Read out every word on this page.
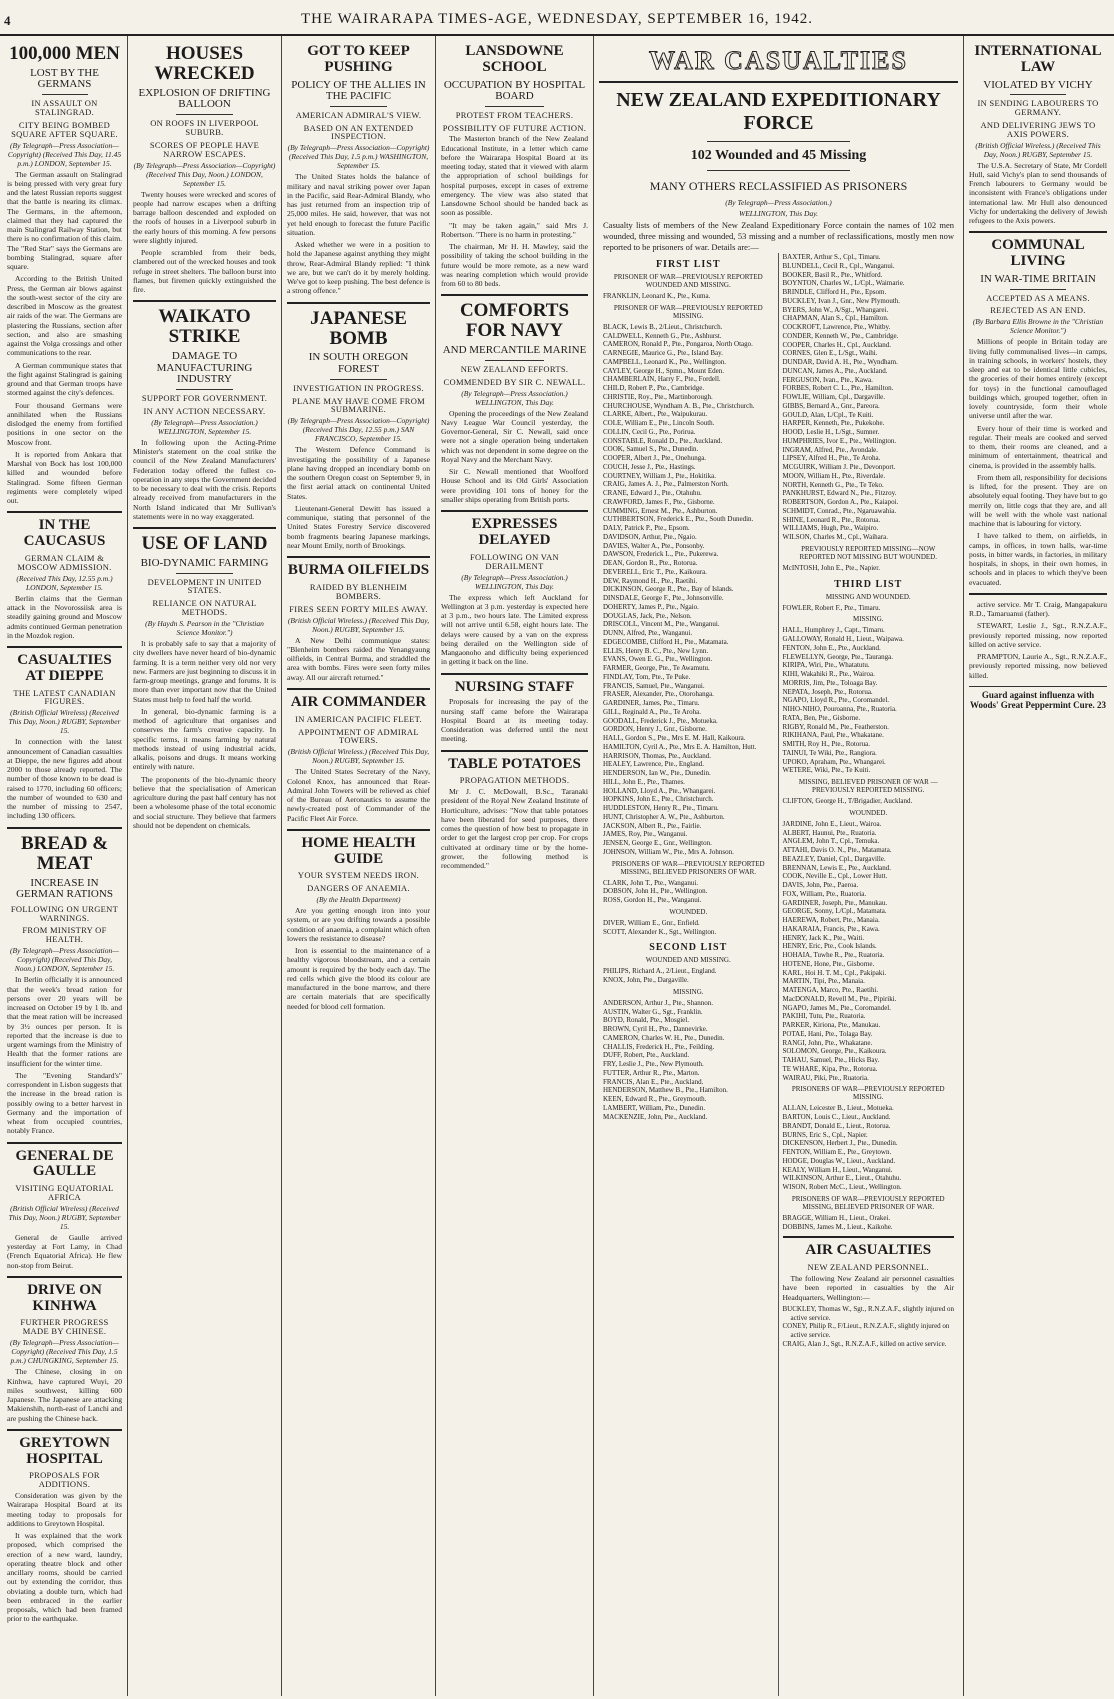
4	THE WAIRARAPA TIMES-AGE, WEDNESDAY, SEPTEMBER 16, 1942.
100,000 MEN
LOST BY THE GERMANS
IN ASSAULT ON STALINGRAD.
CITY BEING BOMBED SQUARE AFTER SQUARE.
(By Telegraph—Press Association—Copyright) (Received This Day, 11.45 p.m.) LONDON, September 15.

The German assault on Stalingrad is being pressed with very great fury and the latest Russian reports suggest that the battle is nearing its climax. The Germans, in the afternoon, claimed that they had captured the main Stalingrad Railway Station, but there is no confirmation of this claim. The "Red Star" says the Germans are bombing Stalingrad, square after square.

According to the British United Press, the German air blows against the south-west sector of the city are described in Moscow as the greatest air raids of the war. The Germans are plastering the Russians, section after section, and also are smashing against the Volga crossings and other communications to the rear.

A German communique states that the fight against Stalingrad is gaining ground and that German troops have stormed against the city's defences.

Four thousand Germans were annihilated when the Russians dislodged the enemy from fortified positions in one sector on the Moscow front.

It is reported from Ankara that Marshal von Bock has lost 100,000 killed and wounded before Stalingrad. Some fifteen German regiments were completely wiped out.

IN THE CAUCASUS
GERMAN CLAIM & MOSCOW ADMISSION.
(Received This Day, 12.55 p.m.) LONDON, September 15.

Berlin claims that the German attack in the Novorossiisk area is steadily gaining ground and Moscow admits continued German penetration in the Mozdok region.

CASUALTIES AT DIEPPE
THE LATEST CANADIAN FIGURES.
(British Official Wireless) (Received This Day, Noon.) RUGBY, September 15.

In connection with the latest announcement of Canadian casualties at Dieppe, the new figures add about 2000 to those already reported. The number of those known to be dead is raised to 1770, including 60 officers; the number of wounded to 630 and the number of missing to 2547, including 130 officers.

BREAD & MEAT
INCREASE IN GERMAN RATIONS
FOLLOWING ON URGENT WARNINGS.
FROM MINISTRY OF HEALTH.
(By Telegraph—Press Association—Copyright) (Received This Day, Noon.) LONDON, September 15.

In Berlin officially it is announced that the week's bread ration for persons over 20 years will be increased on October 19 by 1 lb. and that the meat ration will be increased by 3½ ounces per person. It is reported that the increase is due to urgent warnings from the Ministry of Health that the former rations are insufficient for the winter time.

The "Evening Standard's" correspondent in Lisbon suggests that the increase in the bread ration is possibly owing to a better harvest in Germany and the importation of wheat from occupied countries, notably France.

GENERAL DE GAULLE
VISITING EQUATORIAL AFRICA
(British Official Wireless) (Received This Day, Noon.) RUGBY, September 15.

General de Gaulle arrived yesterday at Fort Lamy, in Chad (French Equatorial Africa). He flew non-stop from Beirut.

DRIVE ON KINHWA
FURTHER PROGRESS MADE BY CHINESE.
(By Telegraph—Press Association—Copyright) (Received This Day, 1.5 p.m.) CHUNGKING, September 15.

The Chinese, closing in on Kinhwa, have captured Wuyi, 20 miles southwest, killing 600 Japanese. The Japanese are attacking Makienshih, north-east of Lanchi and are pushing the Chinese back.

GREYTOWN HOSPITAL
PROPOSALS FOR ADDITIONS.

Consideration was given by the Wairarapa Hospital Board at its meeting today to proposals for additions to Greytown Hospital.

It was explained that the work proposed, which comprised the erection of a new ward, laundry, operating theatre block and other ancillary rooms, should be carried out by extending the corridor, thus obviating a double turn, which had been embraced in the earlier proposals, which had been framed prior to the earthquake.

HOUSES WRECKED
EXPLOSION OF DRIFTING BALLOON
ON ROOFS IN LIVERPOOL SUBURB.
SCORES OF PEOPLE HAVE NARROW ESCAPES.
(By Telegraph—Press Association—Copyright) (Received This Day, Noon.) LONDON, September 15.

Twenty houses were wrecked and scores of people had narrow escapes when a drifting barrage balloon descended and exploded on the roofs of houses in a Liverpool suburb in the early hours of this morning. A few persons were slightly injured.

People scrambled from their beds, clambered out of the wrecked houses and took refuge in street shelters. The balloon burst into flames, but firemen quickly extinguished the fire.

WAIKATO STRIKE
DAMAGE TO MANUFACTURING INDUSTRY
SUPPORT FOR GOVERNMENT.
IN ANY ACTION NECESSARY.
(By Telegraph—Press Association.) WELLINGTON, September 15.

In following upon the Acting-Prime Minister's statement on the coal strike the council of the New Zealand Manufacturers' Federation today offered the fullest co-operation in any steps the Government decided to be necessary to deal with the crisis. Reports already received from manufacturers in the North Island indicated that Mr Sullivan's statements were in no way exaggerated.

USE OF LAND
BIO-DYNAMIC FARMING
DEVELOPMENT IN UNITED STATES.
RELIANCE ON NATURAL METHODS.
(By Haydn S. Pearson in the "Christian Science Monitor.")

It is probably safe to say that a majority of city dwellers have never heard of bio-dynamic farming. It is a term neither very old nor very new. Farmers are just beginning to discuss it in farm-group meetings, grange and forums. It is more than ever important now that the United States must help to feed half the world.

In general, bio-dynamic farming is a method of agriculture that organises and conserves the farm's creative capacity. In specific terms, it means farming by natural methods instead of using industrial acids, alkalis, poisons and drugs. It means working entirely with nature.

The proponents of the bio-dynamic theory believe that the specialisation of American agriculture during the past half century has not been a wholesome phase of the total economic and social structure. They believe that farmers should not be dependent on chemicals.

GOT TO KEEP PUSHING
POLICY OF THE ALLIES IN THE PACIFIC
AMERICAN ADMIRAL'S VIEW.
BASED ON AN EXTENDED INSPECTION.
(By Telegraph—Press Association—Copyright) (Received This Day, 1.5 p.m.) WASHINGTON, September 15.

The United States holds the balance of military and naval striking power over Japan in the Pacific, said Rear-Admiral Blandy, who has just returned from an inspection trip of 25,000 miles. He said, however, that was not yet held enough to forecast the future Pacific situation.

Asked whether we were in a position to hold the Japanese against anything they might throw, Rear-Admiral Blandy replied: "I think we are, but we can't do it by merely holding. We've got to keep pushing. The best defence is a strong offence."

JAPANESE BOMB
IN SOUTH OREGON FOREST
INVESTIGATION IN PROGRESS.
PLANE MAY HAVE COME FROM SUBMARINE.
(By Telegraph—Press Association—Copyright) (Received This Day, 12.55 p.m.) SAN FRANCISCO, September 15.

The Western Defence Command is investigating the possibility of a Japanese plane having dropped an incendiary bomb on the southern Oregon coast on September 9, in the first aerial attack on continental United States.

Lieutenant-General Dewitt has issued a communique, stating that personnel of the United States Forestry Service discovered bomb fragments bearing Japanese markings, near Mount Emily, north of Brookings.

BURMA OILFIELDS
RAIDED BY BLENHEIM BOMBERS.
FIRES SEEN FORTY MILES AWAY.
(British Official Wireless.) (Received This Day, Noon.) RUGBY, September 15.

A New Delhi communique states: "Blenheim bombers raided the Yenangyaung oilfields, in Central Burma, and straddled the area with bombs. Fires were seen forty miles away. All our aircraft returned."

AIR COMMANDER
IN AMERICAN PACIFIC FLEET.
APPOINTMENT OF ADMIRAL TOWERS.
(British Official Wireless.) (Received This Day, Noon.) RUGBY, September 15.

The United States Secretary of the Navy, Colonel Knox, has announced that Rear-Admiral John Towers will be relieved as chief of the Bureau of Aeronautics to assume the newly-created post of Commander of the Pacific Fleet Air Force.

HOME HEALTH GUIDE
YOUR SYSTEM NEEDS IRON.
DANGERS OF ANAEMIA.
(By the Health Department)

Are you getting enough iron into your system, or are you drifting towards a possible condition of anaemia, a complaint which often lowers the resistance to disease?

Iron is essential to the maintenance of a healthy vigorous bloodstream, and a certain amount is required by the body each day. The red cells which give the blood its colour are manufactured in the bone marrow, and there are certain materials that are specifically needed for blood cell formation.

LANSDOWNE SCHOOL
OCCUPATION BY HOSPITAL BOARD
PROTEST FROM TEACHERS.
POSSIBILITY OF FUTURE ACTION.

The Masterton branch of the New Zealand Educational Institute, in a letter which came before the Wairarapa Hospital Board at its meeting today, stated that it viewed with alarm the appropriation of school buildings for hospital purposes, except in cases of extreme emergency. The view was also stated that Lansdowne School should be handed back as soon as possible.

"It may be taken again," said Mrs J. Robertson. "There is no harm in protesting."

The chairman, Mr H. H. Mawley, said the possibility of taking the school building in the future would be more remote, as a new ward was nearing completion which would provide from 60 to 80 beds.

COMFORTS FOR NAVY
AND MERCANTILE MARINE
NEW ZEALAND EFFORTS.
COMMENDED BY SIR C. NEWALL.
(By Telegraph—Press Association.) WELLINGTON, This Day.

Opening the proceedings of the New Zealand Navy League War Council yesterday, the Governor-General, Sir C. Newall, said once were not a single operation being undertaken which was not dependent in some degree on the Royal Navy and the Merchant Navy.

Sir C. Newall mentioned that Woolford House School and its Old Girls' Association were providing 101 tons of honey for the smaller ships operating from British ports.

EXPRESSES DELAYED
FOLLOWING ON VAN DERAILMENT
(By Telegraph—Press Association.) WELLINGTON, This Day.

The express which left Auckland for Wellington at 3 p.m. yesterday is expected here at 3 p.m., two hours late. The Limited express will not arrive until 6.58, eight hours late. The delays were caused by a van on the express being derailed on the Wellington side of Mangaonoho and difficulty being experienced in getting it back on the line.

NURSING STAFF

Proposals for increasing the pay of the nursing staff came before the Wairarapa Hospital Board at its meeting today. Consideration was deferred until the next meeting.

TABLE POTATOES
PROPAGATION METHODS.

Mr J. C. McDowall, B.Sc., Taranaki president of the Royal New Zealand Institute of Horticulture, advises: "Now that table potatoes have been liberated for seed purposes, there comes the question of how best to propagate in order to get the largest crop per crop. For crops cultivated at ordinary time or by the home-grower, the following method is recommended."

WAR CASUALTIES
NEW ZEALAND EXPEDITIONARY FORCE
102 Wounded and 45 Missing
MANY OTHERS RECLASSIFIED AS PRISONERS
(By Telegraph—Press Association.)
WELLINGTON, This Day.
Casualty lists of members of the New Zealand Expeditionary Force contain the names of 102 men wounded, three missing and wounded, 53 missing and a number of reclassifications, mostly men now reported to be prisoners of war. Details are:—
FIRST LIST
PRISONER OF WAR—PREVIOUSLY REPORTED WOUNDED AND MISSING.

FRANKLIN, Leonard K., Pte., Kuma.

PRISONER OF WAR—PREVIOUSLY REPORTED MISSING.

BLACK, Lewis B., 2/Lieut., Christchurch.

CALDWELL, Kenneth G., Pte., Ashhurst.

CAMERON, Ronald P., Pte., Pongaroa, North Otago.

CARNEGIE, Maurice G., Pte., Island Bay.

CAMPBELL, Leonard K., Pte., Wellington.

CAYLEY, George H., Spmn., Mount Eden.

CHAMBERLAIN, Harry F., Pte., Fordell.

CHILD, Robert P., Pte., Cambridge.

CHRISTIE, Roy., Pte., Martinborough.

CHURCHOUSE, Wyndham A. B., Pte., Christchurch.

CLARKE, Albert., Pte., Waipukurau.

COLE, William E., Pte., Lincoln South.

COLLIN, Cecil G., Pte., Porirua.

CONSTABLE, Ronald D., Pte., Auckland.

COOK, Samuel S., Pte., Dunedin.

COOPER, Albert J., Pte., Onehunga.

COUCH, Jesse J., Pte., Hastings.

COURTNEY, William J., Pte., Hokitika.

CRAIG, James A. J., Pte., Palmerston North.

CRANE, Edward J., Pte., Otahuhu.

CRAWFORD, James F., Pte., Gisborne.

CUMMING, Ernest M., Pte., Ashburton.

CUTHBERTSON, Frederick E., Pte., South Dunedin.

DALY, Patrick P., Pte., Epsom.

DAVIDSON, Arthur, Pte., Ngaio.

DAVIES, Walter A., Pte., Ponsonby.

DAWSON, Frederick L., Pte., Pukerewa.

DEAN, Gordon R., Pte., Rotorua.

DEVERELL, Eric T., Pte., Kaikoura.

DEW, Raymond H., Pte., Raetihi.

DICKINSON, George R., Pte., Bay of Islands.

DINSDALE, George F., Pte., Johnsonville.

DOHERTY, James P., Pte., Ngaio.

DOUGLAS, Jack, Pte., Nelson.

DRISCOLL, Vincent M., Pte., Wanganui.

DUNN, Alfred, Pte., Wanganui.

EDGECOMBE, Clifford H., Pte., Matamata.

ELLIS, Henry B. C., Pte., New Lynn.

EVANS, Owen E. G., Pte., Wellington.

FARMER, George, Pte., Te Awamutu.

FINDLAY, Tom, Pte., Te Puke.

FRANCIS, Samuel, Pte., Wanganui.

FRASER, Alexander, Pte., Otorohanga.

GARDINER, James, Pte., Timaru.

GILL, Reginald A., Pte., Te Aroha.

GOODALL, Frederick J., Pte., Motueka.

GORDON, Henry J., Gnr., Gisborne.

HALL, Gordon S., Pte., Mrs E. M. Hall, Kaikoura.

HAMILTON, Cyril A., Pte., Mrs E. A. Hamilton, Hutt.

HARRISON, Thomas, Pte., Auckland.

HEALEY, Lawrence, Pte., England.

HENDERSON, Ian W., Pte., Dunedin.

HILL, John E., Pte., Thames.

HOLLAND, Lloyd A., Pte., Whangarei.

HOPKINS, John E., Pte., Christchurch.

HUDDLESTON, Henry R., Pte., Timaru.

HUNT, Christopher A. W., Pte., Ashburton.

JACKSON, Albert R., Pte., Fairlie.

JAMES, Roy, Pte., Wanganui.

JENSEN, George E., Gnr., Wellington.

JOHNSON, William W., Pte., Mrs A. Johnson.

PRISONERS OF WAR—PREVIOUSLY REPORTED MISSING, BELIEVED PRISONERS OF WAR.

CLARK, John T., Pte., Wanganui.

DOBSON, John H., Pte., Wellington.

ROSS, Gordon H., Pte., Wanganui.

WOUNDED.

DIVER, William E., Gnr., Enfield.

SCOTT, Alexander K., Sgt., Wellington.

SECOND LIST
WOUNDED AND MISSING.

PHILIPS, Richard A., 2/Lieut., England.

KNOX, John, Pte., Dargaville.

MISSING.

ANDERSON, Arthur J., Pte., Shannon.

AUSTIN, Walter G., Sgt., Franklin.

BOYD, Ronald, Pte., Mosgiel.

BROWN, Cyril H., Pte., Dannevirke.

CAMERON, Charles W. H., Pte., Dunedin.

CHALLIS, Frederick H., Pte., Feilding.

DUFF, Robert, Pte., Auckland.

FRY, Leslie J., Pte., New Plymouth.

FUTTER, Arthur R., Pte., Marton.

FRANCIS, Alan E., Pte., Auckland.

HENDERSON, Matthew B., Pte., Hamilton.

KEEN, Edward R., Pte., Greymouth.

LAMBERT, William, Pte., Dunedin.

MACKENZIE, John, Pte., Auckland.

BAXTER, Arthur S., Cpl., Timaru.

BLUNDELL, Cecil R., Cpl., Wanganui.

BOOKER, Basil R., Pte., Whitford.

BOYNTON, Charles W., L/Cpl., Waimarie.

BRINDLE, Clifford H., Pte., Epsom.

BUCKLEY, Ivan J., Gnr., New Plymouth.

BYERS, John W., A/Sgt., Whangarei.

CHAPMAN, Alan S., Cpl., Hamilton.

COCKROFT, Lawrence, Pte., Whitby.

CONDER, Kenneth W., Pte., Cambridge.

COOPER, Charles H., Cpl., Auckland.

CORNES, Glen E., L/Sgt., Waihi.

DUNDAR, David A. H., Pte., Wyndham.

DUNCAN, James A., Pte., Auckland.

FERGUSON, Ivan., Pte., Kawa.

FORBES, Robert C. L., Pte., Hamilton.

FOWLIE, William, Cpl., Dargaville.

GIBBS, Bernard A., Gnr., Pareora.

GOULD, Alan, L/Cpl., Te Kuiti.

HARPER, Kenneth, Pte., Pukekohe.

HOOD, Leslie H., L/Sgt., Sumner.

HUMPHRIES, Ivor E., Pte., Wellington.

INGRAM, Alfred, Pte., Avondale.

LIPSEY, Alfred H., Pte., Te Aroha.

MCGUIRK, William J. Pte., Devonport.

MOON, William H., Pte., Riverdale.

NORTH, Kenneth G., Pte., Te Teko.

PANKHURST, Edward N., Pte., Fitzroy.

ROBERTSON, Gordon A., Pte., Kaiapoi.

SCHMIDT, Conrad., Pte., Ngaruawahia.

SHINE, Leonard R., Pte., Rotorua.

WILLIAMS, Hugh, Pte., Waipiro.

WILSON, Charles M., Cpl., Waihara.

PREVIOUSLY REPORTED MISSING—NOW REPORTED NOT MISSING BUT WOUNDED.

McINTOSH, John E., Pte., Napier.

THIRD LIST
MISSING AND WOUNDED.

FOWLER, Robert F., Pte., Timaru.

MISSING.

HALL, Humphrey J., Capt., Timaru.

GALLOWAY, Ronald H., Lieut., Waipawa.

FENTON, John E., Pte., Auckland.

FLEWELLYN, George, Pte., Tauranga.

KIRIPA, Wiri, Pte., Whatatutu.

KIHI, Wakahiki R., Pte., Wairoa.

MORRIS, Jim, Pte., Toloaga Bay.

NEPATA, Joseph, Pte., Rotorua.

NGAPO, Lloyd R., Pte., Coromandel.

NIHO-NIHO, Pouroanna, Pte., Ruatoria.

RATA, Ben, Pte., Gisborne.

RIGBY, Ronald M., Pte., Featherston.

RIKIHANA, Paul, Pte., Whakatane.

SMITH, Roy H., Pte., Rotorua.

TAINUI, Te Wiki, Pte., Rangiora.

UPOKO, Apraham, Pte., Whangarei.

WETERE, Wiki, Pte., Te Kuiti.

MISSING, BELIEVED PRISONER OF WAR —PREVIOUSLY REPORTED MISSING.

CLIFTON, George H., T/Brigadier, Auckland.

WOUNDED.

JARDINE, John E., Lieut., Wairoa.

ALBERT, Haunui, Pte., Ruatoria.

ANGLEM, John T., Cpl., Temuka.

ATTAHI, Davis O. N., Pte., Matamata.

BEAZLEY, Daniel, Cpl., Dargaville.

BRENNAN, Lewis E., Pte., Auckland.

COOK, Neville E., Cpl., Lower Hutt.

DAVIS, John, Pte., Paeroa.

FOX, William, Pte., Ruatoria.

GARDINER, Joseph, Pte., Manukau.

GEORGE, Sonny, L/Cpl., Matamata.

HAEREWA, Robert, Pte., Manaia.

HAKARAIA, Francis, Pte., Kawa.

HENRY, Jack K., Pte., Waiti.

HENRY, Eric, Pte., Cook Islands.

HOHAIA, Tuwhe R., Pte., Ruatoria.

HOTENE, Hone, Pte., Gisborne.

KARL, Hoi H. T. M., Cpl., Pakipaki.

MARTIN, Tipi, Pte., Manaia.

MATENGA, Marco, Pte., Raetihi.

MacDONALD, Revell M., Pte., Pipiriki.

NGAPO, James M., Pte., Coromandel.

PAKIHI, Tutu, Pte., Ruatoria.

PARKER, Kiriona, Pte., Manukau.

POTAE, Hani, Pte., Tolaga Bay.

RANGI, John, Pte., Whakatane.

SOLOMON, George, Pte., Kaikoura.

TAHAU, Samuel, Pte., Hicks Bay.

TE WHARE, Kipa, Pte., Rotorua.

WAIRAU, Piki, Pte., Ruatoria.

PRISONERS OF WAR—PREVIOUSLY REPORTED MISSING.

ALLAN, Leicester B., Lieut., Motueka.

BARTON, Louis C., Lieut., Auckland.

BRANDT, Donald E., Lieut., Rotorua.

BURNS, Eric S., Cpl., Napier.

DICKENSON, Herbert J., Pte., Dunedin.

FENTON, William E., Pte., Greytown.

HODGE, Douglas W., Lieut., Auckland.

KEALY, William H., Lieut., Wanganui.

WILKINSON, Arthur E., Lieut., Otahuhu.

WISON, Robert McC., Lieut., Wellington.

PRISONERS OF WAR—PREVIOUSLY REPORTED MISSING, BELIEVED PRISONER OF WAR.

BRAGGE, William H., Lieut., Orakei.

DOBBINS, James M., Lieut., Kaikohe.

AIR CASUALTIES
NEW ZEALAND PERSONNEL.

The following New Zealand air personnel casualties have been reported in casualties by the Air Headquarters, Wellington:—

BUCKLEY, Thomas W., Sgt., R.N.Z.A.F., slightly injured on active service.

CONEY, Philip R., F/Lieut., R.N.Z.A.F., slightly injured on active service.

CRAIG, Alan J., Sgt., R.N.Z.A.F., killed on active service.

INTERNATIONAL LAW
VIOLATED BY VICHY
IN SENDING LABOURERS TO GERMANY.
AND DELIVERING JEWS TO AXIS POWERS.
(British Official Wireless.) (Received This Day, Noon.) RUGBY, September 15.

The U.S.A. Secretary of State, Mr Cordell Hull, said Vichy's plan to send thousands of French labourers to Germany would be inconsistent with France's obligations under international law. Mr Hull also denounced Vichy for undertaking the delivery of Jewish refugees to the Axis powers.

COMMUNAL LIVING
IN WAR-TIME BRITAIN
ACCEPTED AS A MEANS.
REJECTED AS AN END.
(By Barbara Ellis Browne in the "Christian Science Monitor.")

Millions of people in Britain today are living fully communalised lives—in camps, in training schools, in workers' hostels, they sleep and eat to be identical little cubicles, the groceries of their homes entirely (except for toys) in the functional camouflaged buildings which, grouped together, often in lovely countryside, form their whole universe until after the war.

Every hour of their time is worked and regular. Their meals are cooked and served to them, their rooms are cleaned, and a minimum of entertainment, theatrical and cinema, is provided in the assembly halls.

From them all, responsibility for decisions is lifted, for the present. They are on absolutely equal footing. They have but to go merrily on, little cogs that they are, and all will be well with the whole vast national machine that is labouring for victory.

I have talked to them, on airfields, in camps, in offices, in town halls, war-time posts, in bitter wards, in factories, in military hospitals, in shops, in their own homes, in schools and in places to which they've been evacuated.

active service. Mr T. Craig, Mangapakuru R.D., Tamaruanui (father).

STEWART, Leslie J., Sgt., R.N.Z.A.F., previously reported missing, now reported killed on active service.

PRAMPTON, Laurie A., Sgt., R.N.Z.A.F., previously reported missing, now believed killed.

Guard against influenza with Woods' Great Peppermint Cure. 23
